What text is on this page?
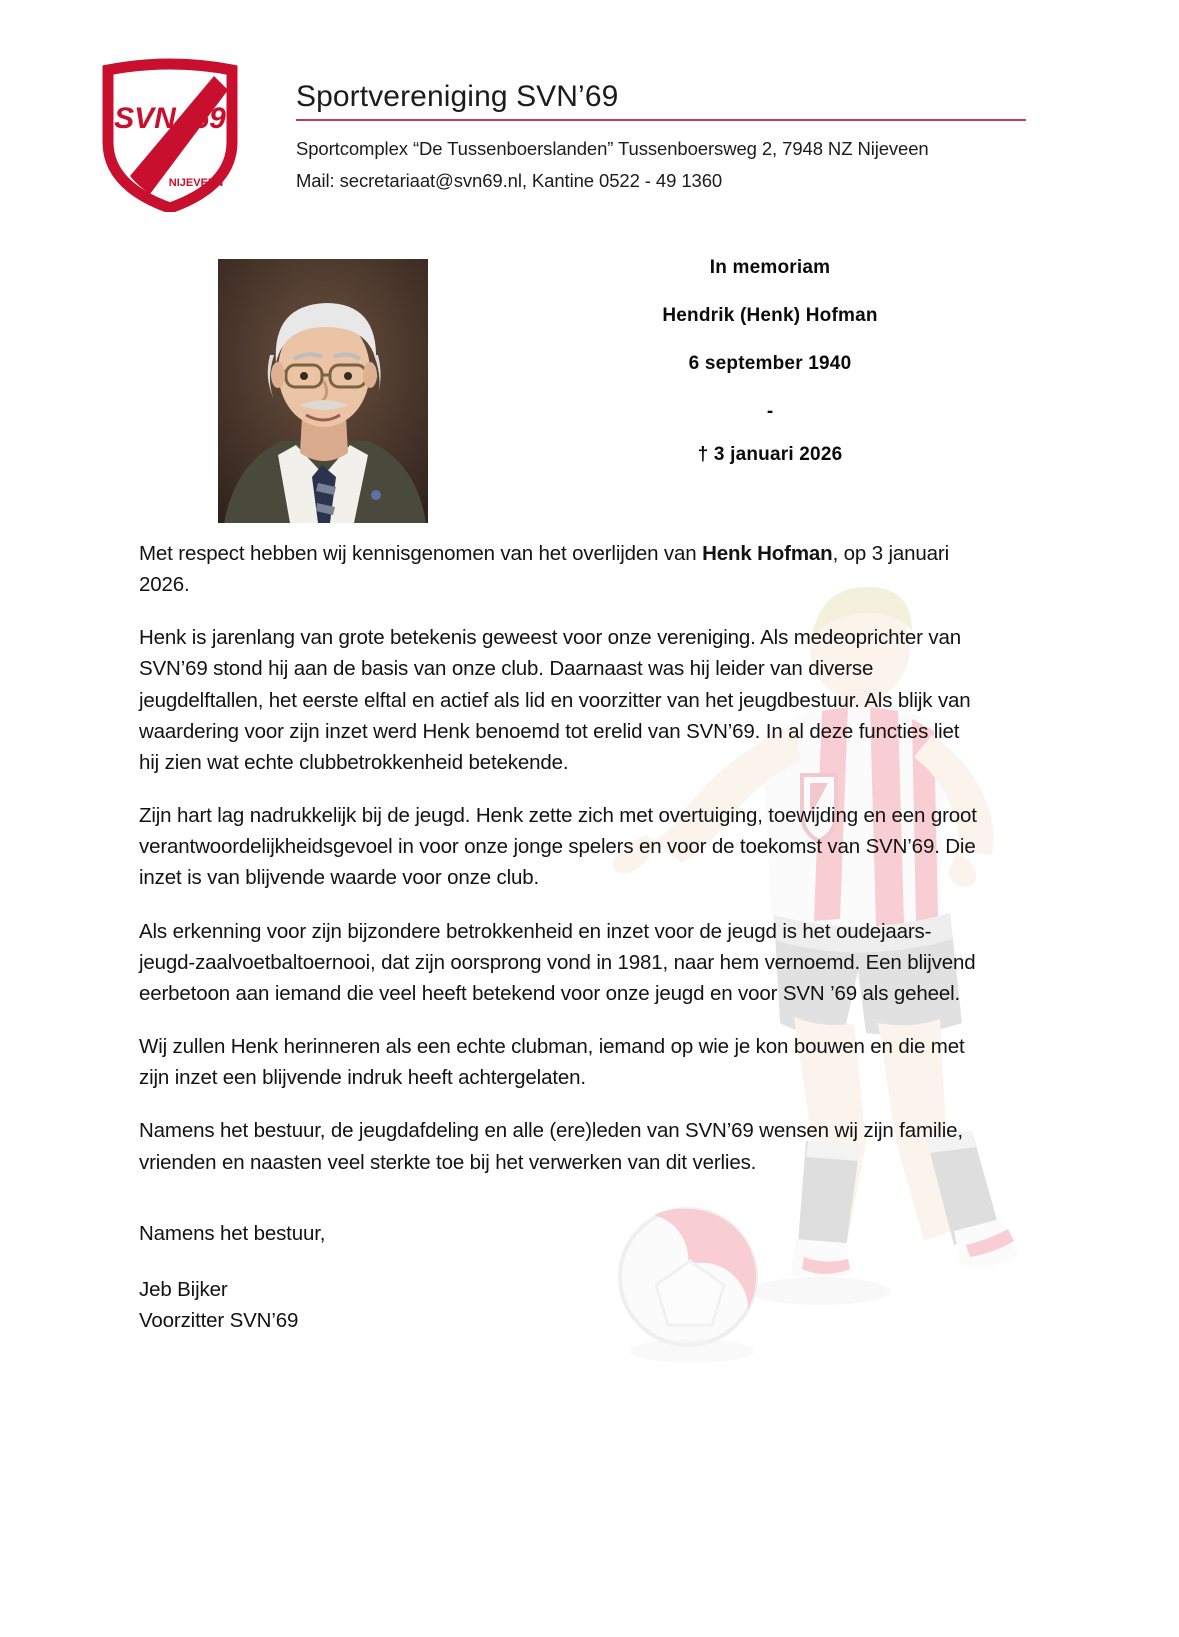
SVN ’69
NIJEVEEN
Sportvereniging SVN’69
Sportcomplex “De Tussenboerslanden” Tussenboersweg 2, 7948 NZ Nijeveen
Mail: secretariaat@svn69.nl, Kantine 0522 - 49 1360
In memoriam
Hendrik (Henk) Hofman
6 september 1940
-
† 3 januari 2026

Met respect hebben wij kennisgenomen van het overlijden van Henk Hofman, op 3 januari 2026.

Henk is jarenlang van grote betekenis geweest voor onze vereniging. Als medeoprichter van SVN’69 stond hij aan de basis van onze club. Daarnaast was hij leider van diverse jeugdelftallen, het eerste elftal en actief als lid en voorzitter van het jeugdbestuur. Als blijk van waardering voor zijn inzet werd Henk benoemd tot erelid van SVN’69. In al deze functies liet hij zien wat echte clubbetrokkenheid betekende.

Zijn hart lag nadrukkelijk bij de jeugd. Henk zette zich met overtuiging, toewijding en een groot verantwoordelijkheidsgevoel in voor onze jonge spelers en voor de toekomst van SVN’69. Die inzet is van blijvende waarde voor onze club.

Als erkenning voor zijn bijzondere betrokkenheid en inzet voor de jeugd is het oudejaars-jeugd-zaalvoetbaltoernooi, dat zijn oorsprong vond in 1981, naar hem vernoemd. Een blijvend eerbetoon aan iemand die veel heeft betekend voor onze jeugd en voor SVN ’69 als geheel.

Wij zullen Henk herinneren als een echte clubman, iemand op wie je kon bouwen en die met zijn inzet een blijvende indruk heeft achtergelaten.

Namens het bestuur, de jeugdafdeling en alle (ere)leden van SVN’69 wensen wij zijn familie, vrienden en naasten veel sterkte toe bij het verwerken van dit verlies.

Namens het bestuur,
Jeb Bijker
Voorzitter SVN’69
